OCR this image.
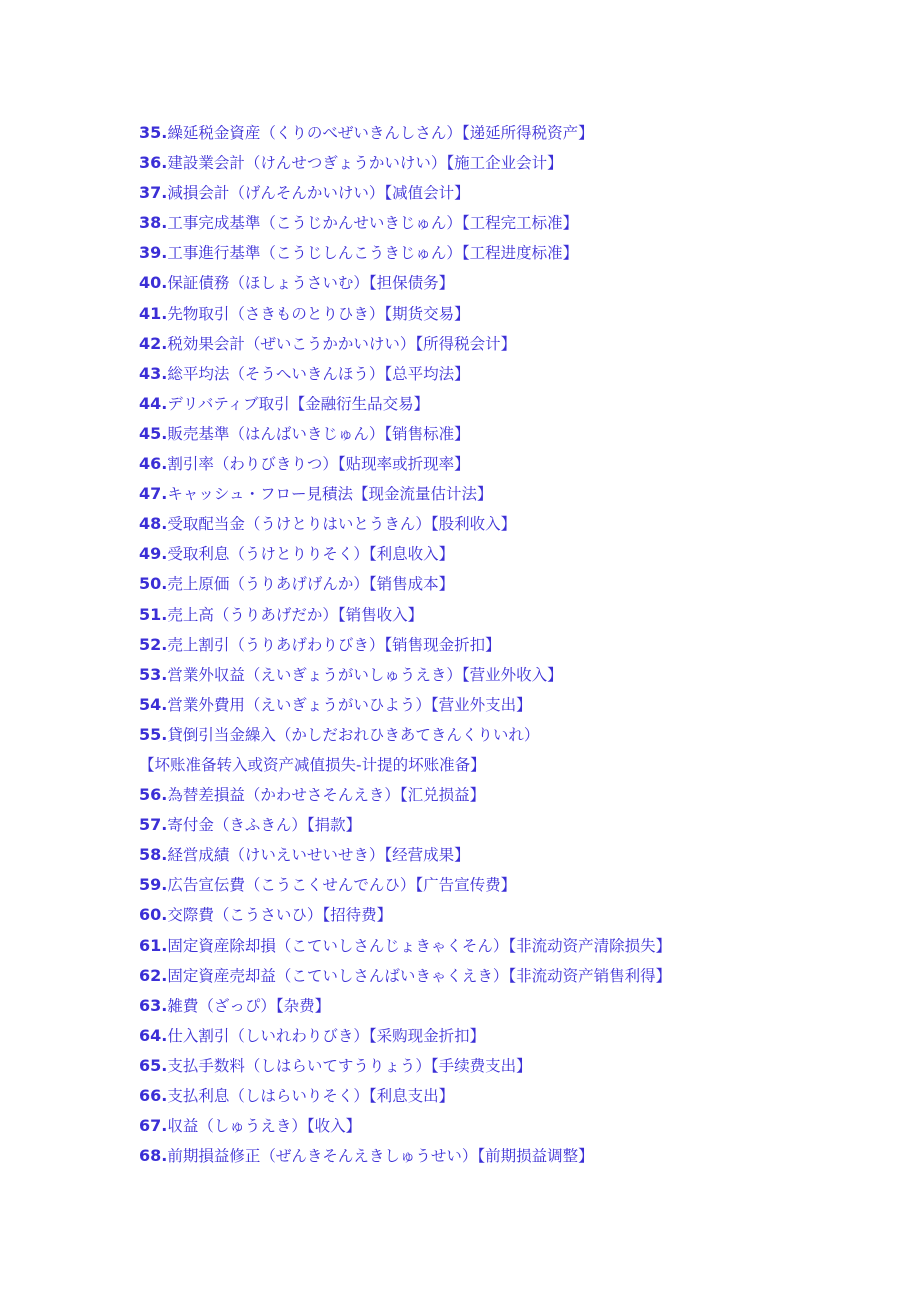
35.繰延税金資産（くりのべぜいきんしさん）【递延所得税资产】
36.建設業会計（けんせつぎょうかいけい）【施工企业会计】
37.減損会計（げんそんかいけい）【减值会计】
38.工事完成基準（こうじかんせいきじゅん）【工程完工标准】
39.工事進行基準（こうじしんこうきじゅん）【工程进度标准】
40.保証債務（ほしょうさいむ）【担保债务】
41.先物取引（さきものとりひき）【期货交易】
42.税効果会計（ぜいこうかかいけい）【所得税会计】
43.総平均法（そうへいきんほう）【总平均法】
44.デリバティブ取引【金融衍生品交易】
45.販売基準（はんばいきじゅん）【销售标准】
46.割引率（わりびきりつ）【贴现率或折现率】
47.キャッシュ・フロー見積法【现金流量估计法】
48.受取配当金（うけとりはいとうきん）【股利收入】
49.受取利息（うけとりりそく）【利息收入】
50.売上原価（うりあげげんか）【销售成本】
51.売上高（うりあげだか）【销售收入】
52.売上割引（うりあげわりびき）【销售现金折扣】
53.営業外収益（えいぎょうがいしゅうえき）【营业外收入】
54.営業外費用（えいぎょうがいひよう）【营业外支出】
55.貸倒引当金繰入（かしだおれひきあてきんくりいれ）
【坏账准备转入或资产减值损失-计提的坏账准备】
56.為替差損益（かわせさそんえき）【汇兑损益】
57.寄付金（きふきん）【捐款】
58.経営成績（けいえいせいせき）【经营成果】
59.広告宣伝費（こうこくせんでんひ）【广告宣传费】
60.交際費（こうさいひ）【招待费】
61.固定資産除却損（こていしさんじょきゃくそん）【非流动资产清除损失】
62.固定資産売却益（こていしさんばいきゃくえき）【非流动资产销售利得】
63.雑費（ざっぴ）【杂费】
64.仕入割引（しいれわりびき）【采购现金折扣】
65.支払手数料（しはらいてすうりょう）【手续费支出】
66.支払利息（しはらいりそく）【利息支出】
67.収益（しゅうえき）【收入】
68.前期損益修正（ぜんきそんえきしゅうせい）【前期损益调整】
